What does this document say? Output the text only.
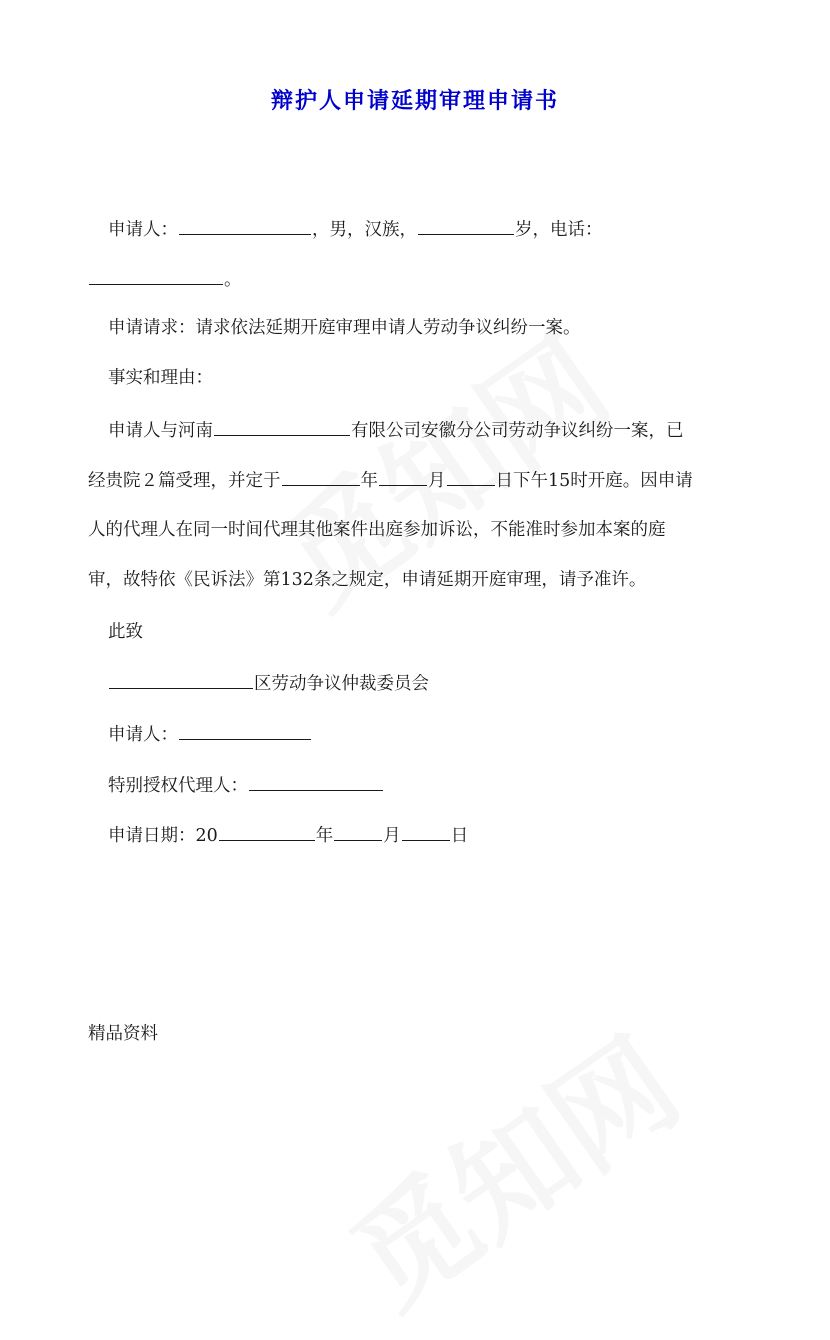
辩护人申请延期审理申请书
申请人：	，男，汉族，	岁，电话：
。
申请请求：请求依法延期开庭审理申请人劳动争议纠纷一案。
事实和理由：
申请人与河南	有限公司安徽分公司劳动争议纠纷一案，已
经贵院２篇受理，并定于	年	月	日下午15时开庭。因申请
人的代理人在同一时间代理其他案件出庭参加诉讼，不能准时参加本案的庭
审，故特依《民诉法》第132条之规定，申请延期开庭审理，请予准许。
此致
区劳动争议仲裁委员会
申请人：
特别授权代理人：
申请日期：20	年	月	日
精品资料
